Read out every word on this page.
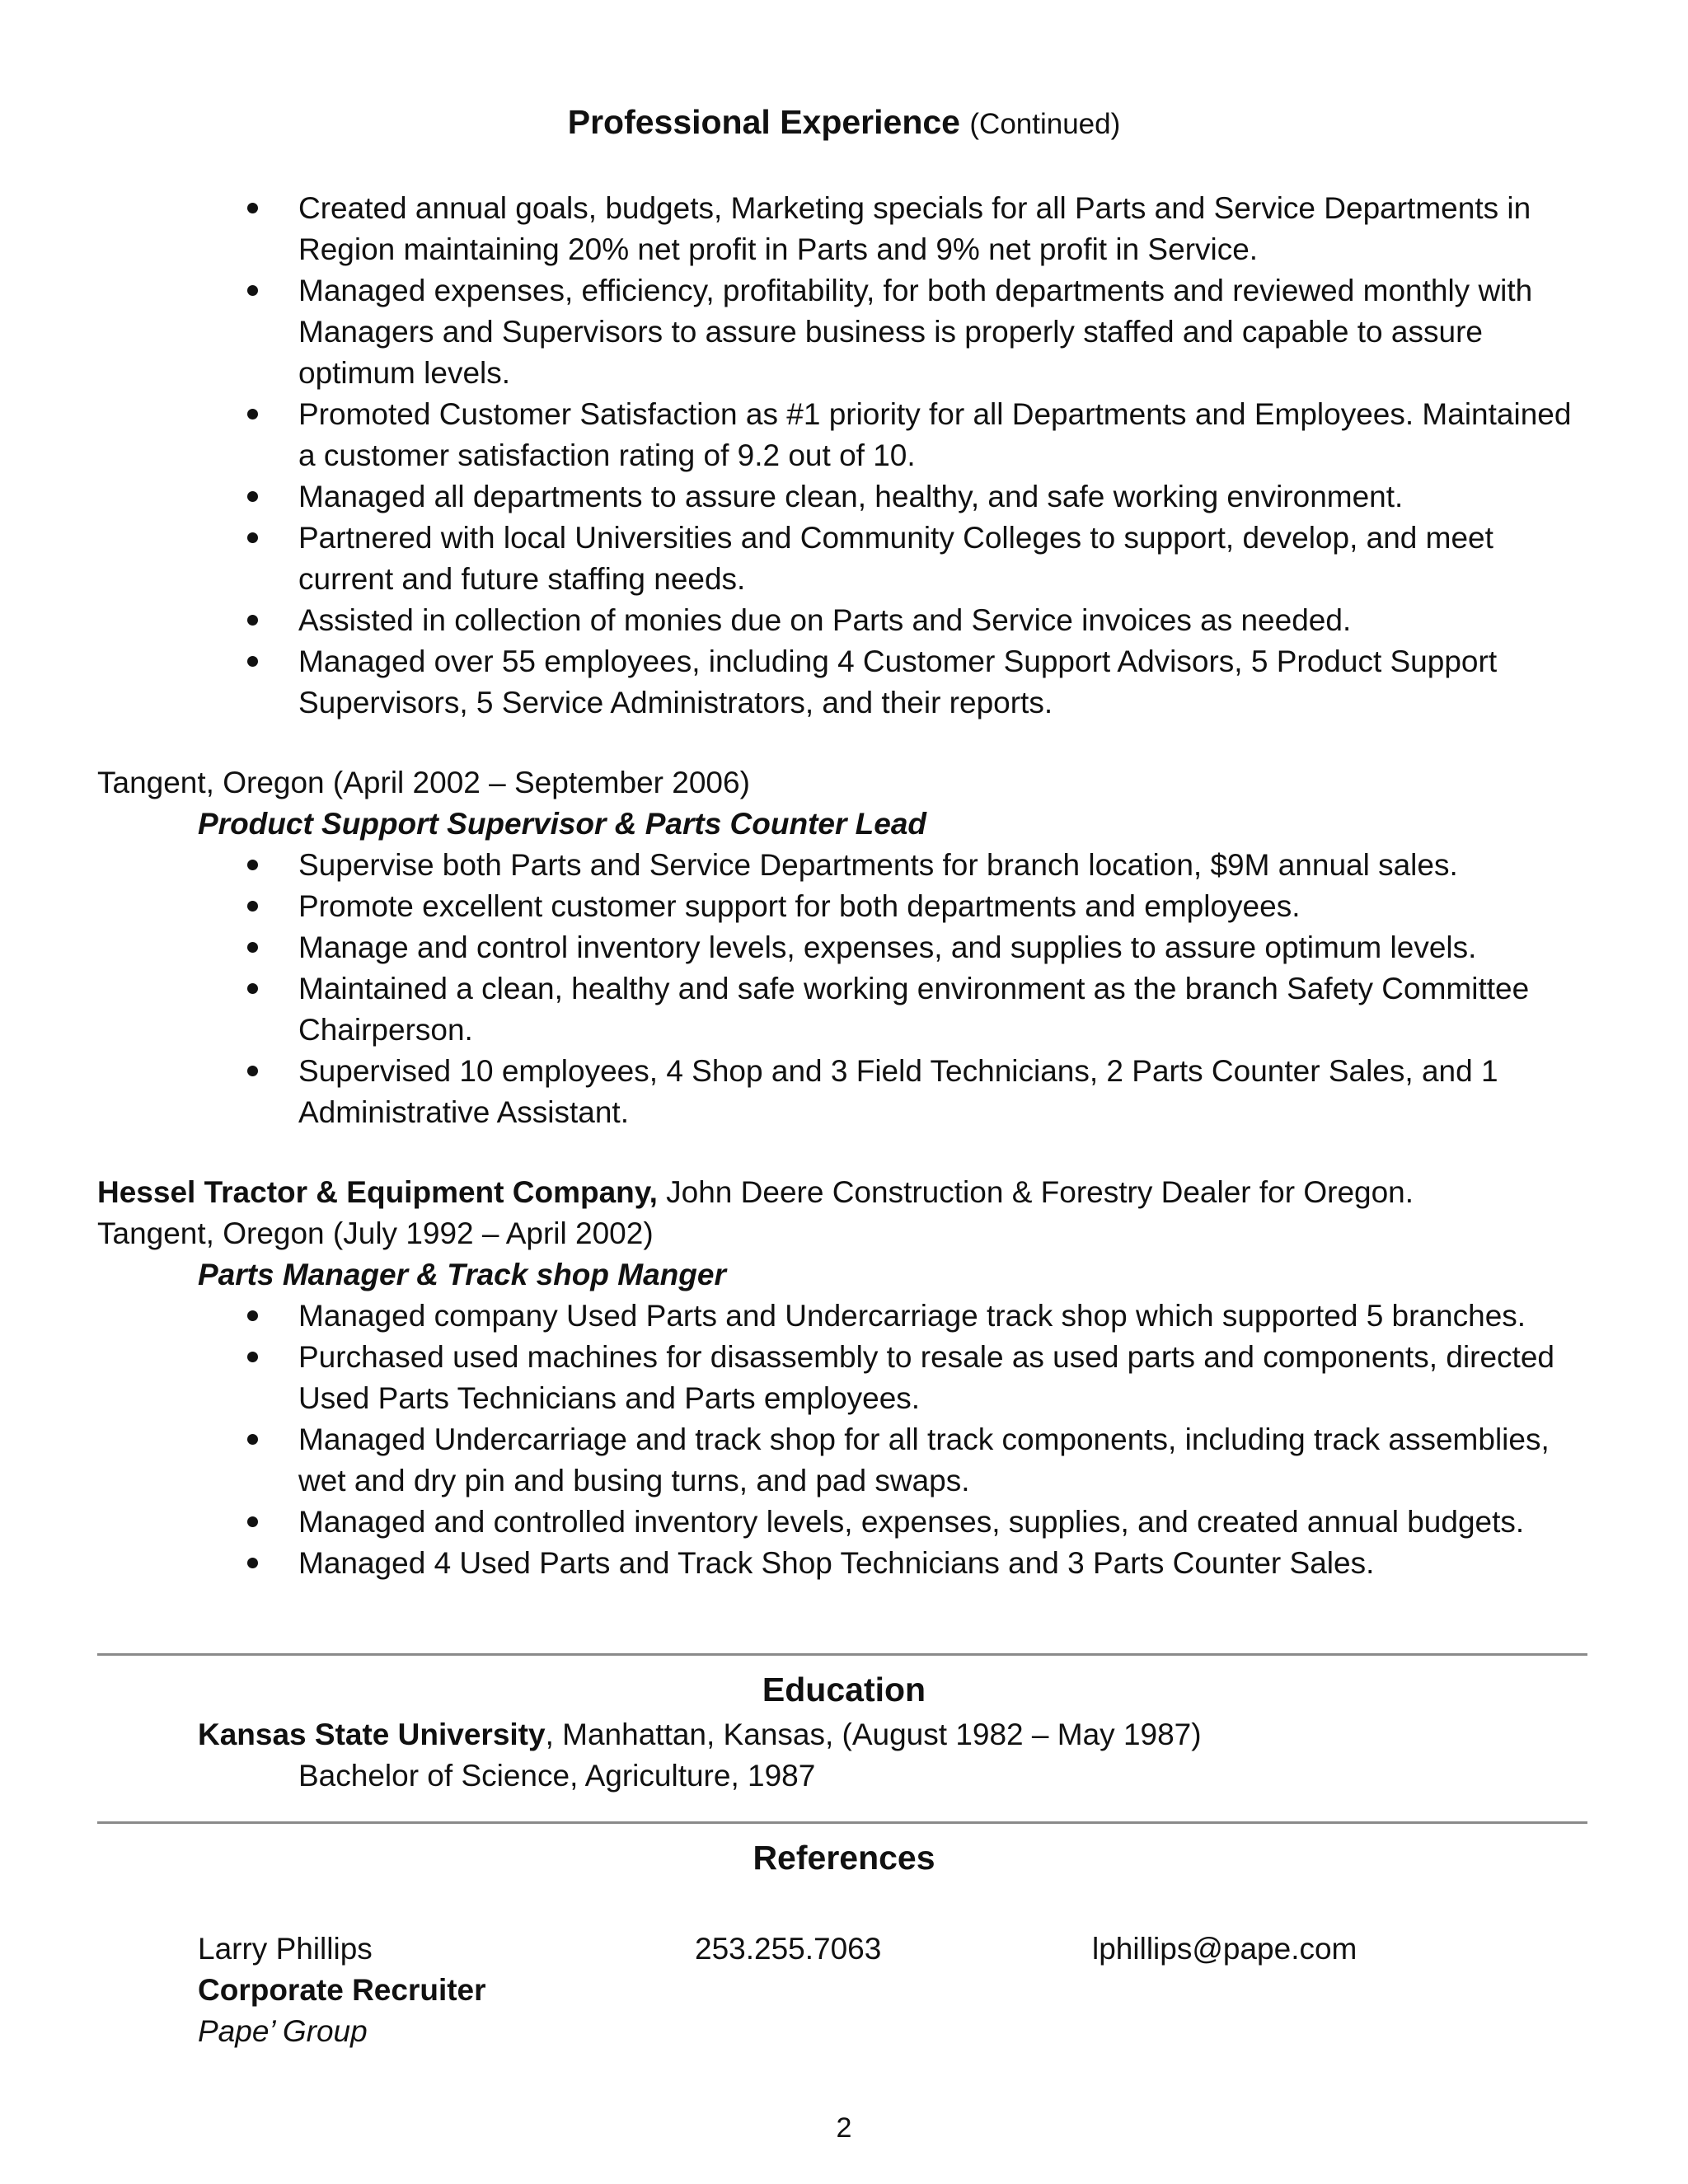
Professional Experience (Continued)
Created annual goals, budgets, Marketing specials for all Parts and Service Departments in Region maintaining 20% net profit in Parts and 9% net profit in Service.
Managed expenses, efficiency, profitability, for both departments and reviewed monthly with Managers and Supervisors to assure business is properly staffed and capable to assure optimum levels.
Promoted Customer Satisfaction as #1 priority for all Departments and Employees. Maintained a customer satisfaction rating of 9.2 out of 10.
Managed all departments to assure clean, healthy, and safe working environment.
Partnered with local Universities and Community Colleges to support, develop, and meet current and future staffing needs.
Assisted in collection of monies due on Parts and Service invoices as needed.
Managed over 55 employees, including 4 Customer Support Advisors, 5 Product Support Supervisors, 5 Service Administrators, and their reports.
Tangent, Oregon (April 2002 – September 2006)
Product Support Supervisor & Parts Counter Lead
Supervise both Parts and Service Departments for branch location, $9M annual sales.
Promote excellent customer support for both departments and employees.
Manage and control inventory levels, expenses, and supplies to assure optimum levels.
Maintained a clean, healthy and safe working environment as the branch Safety Committee Chairperson.
Supervised 10 employees, 4 Shop and 3 Field Technicians, 2 Parts Counter Sales, and 1 Administrative Assistant.
Hessel Tractor & Equipment Company, John Deere Construction & Forestry Dealer for Oregon.
Tangent, Oregon (July 1992 – April 2002)
Parts Manager & Track shop Manger
Managed company Used Parts and Undercarriage track shop which supported 5 branches.
Purchased used machines for disassembly to resale as used parts and components, directed Used Parts Technicians and Parts employees.
Managed Undercarriage and track shop for all track components, including track assemblies, wet and dry pin and busing turns, and pad swaps.
Managed and controlled inventory levels, expenses, supplies, and created annual budgets.
Managed 4 Used Parts and Track Shop Technicians and 3 Parts Counter Sales.
Education
Kansas State University, Manhattan, Kansas, (August 1982 – May 1987)
Bachelor of Science, Agriculture, 1987
References
Larry Phillips	253.255.7063	lphillips@pape.com
Corporate Recruiter
Pape’ Group
2
